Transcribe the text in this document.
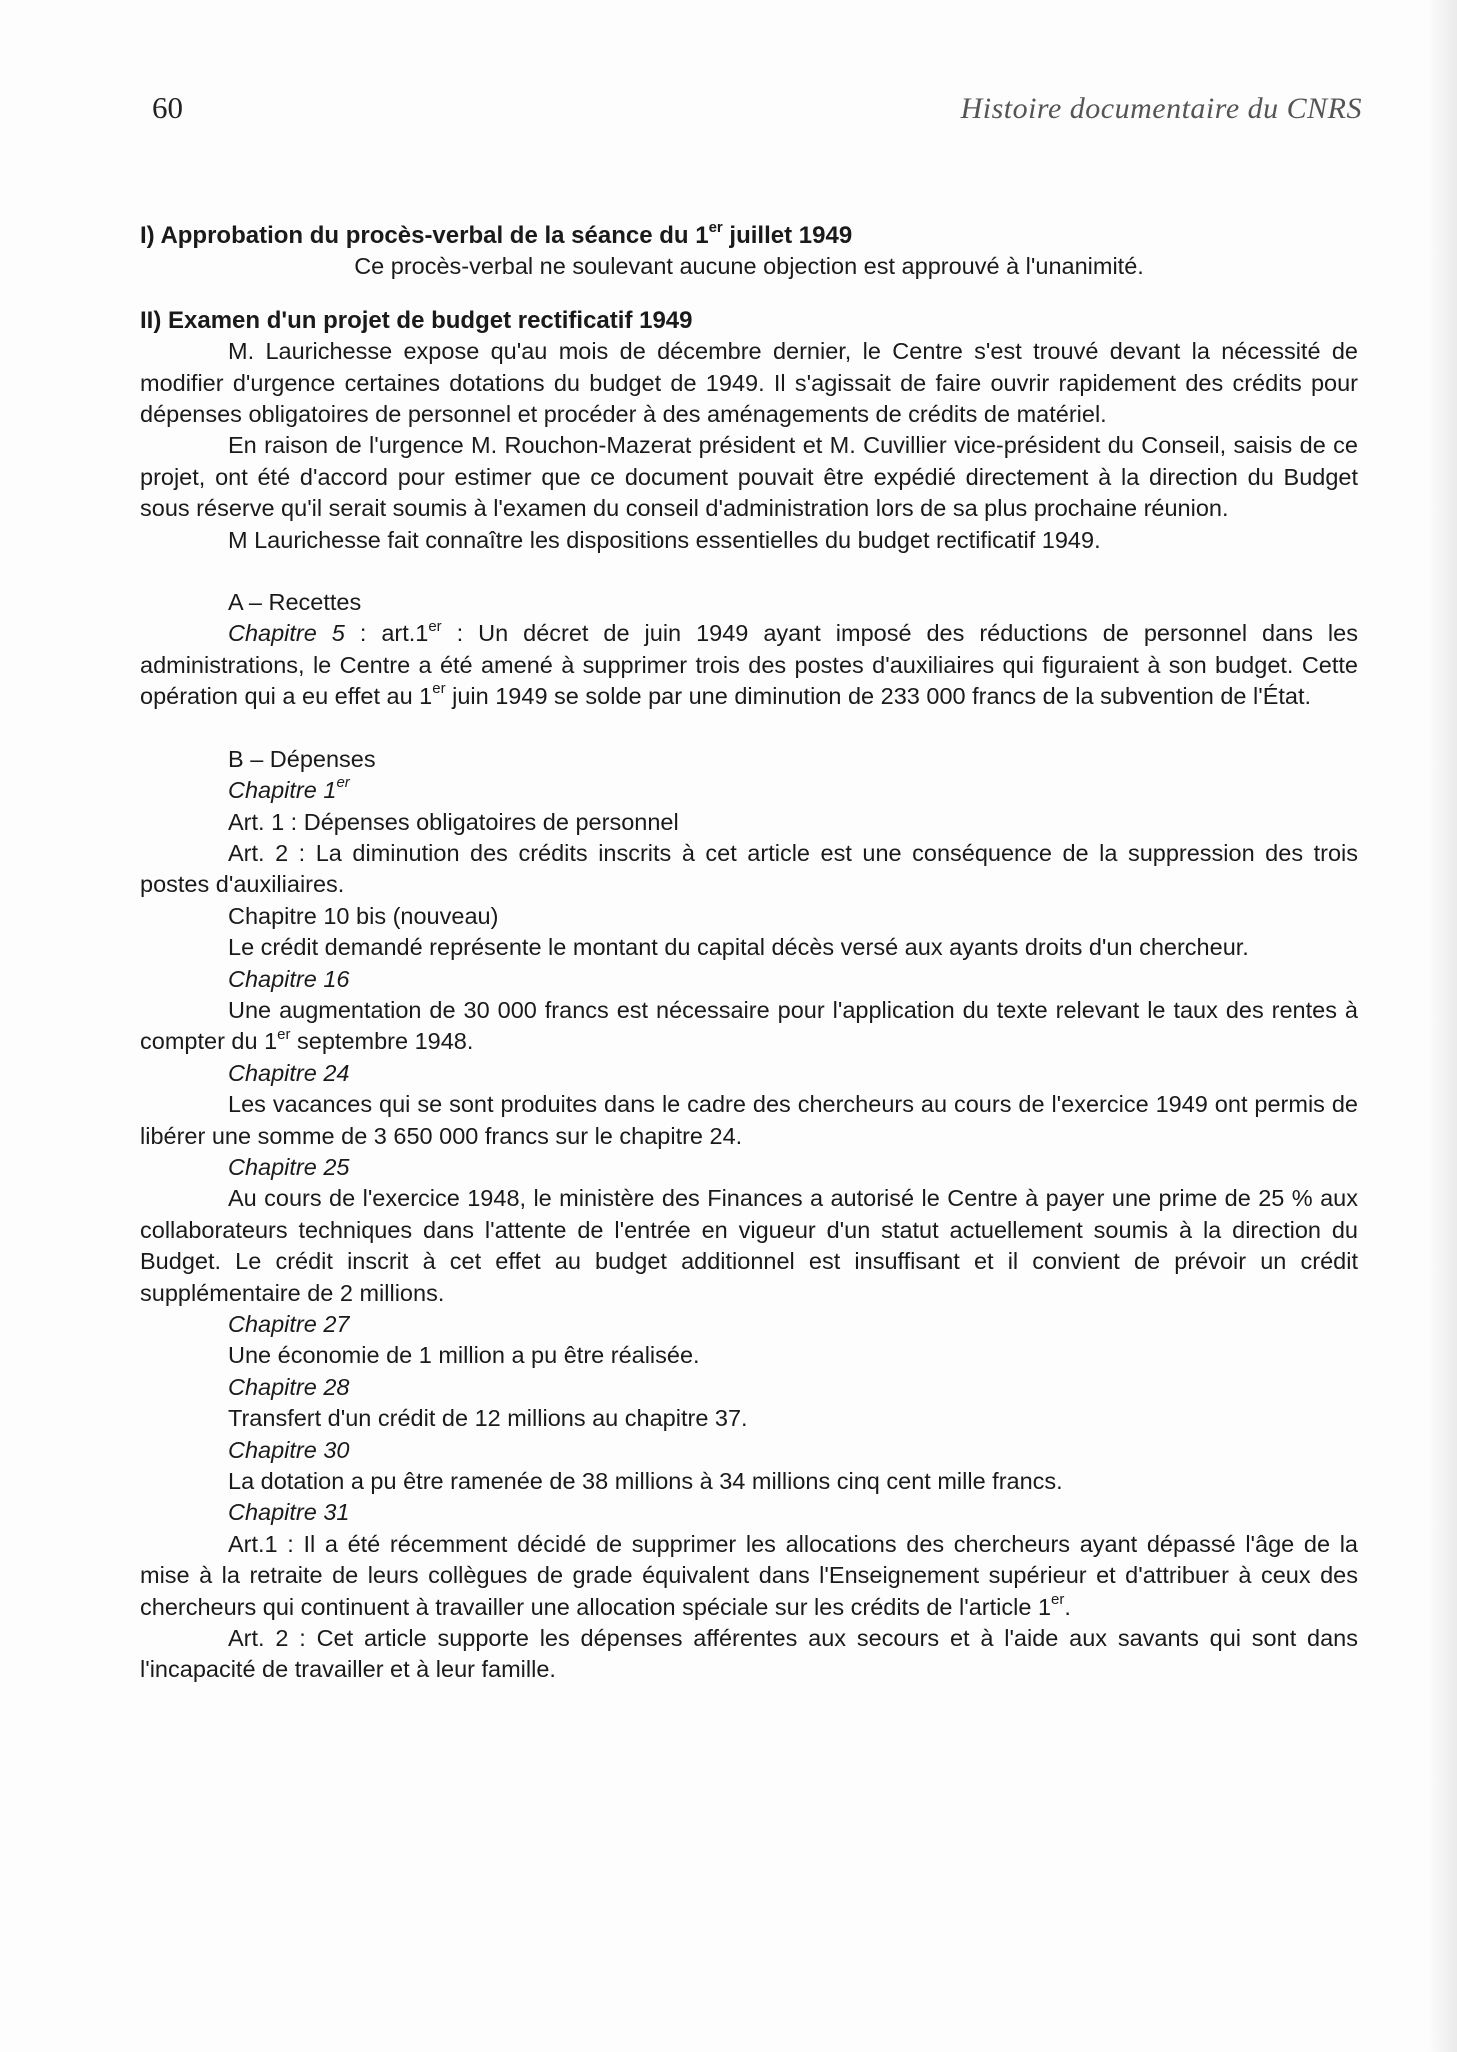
60	Histoire documentaire du CNRS

I) Approbation du procès-verbal de la séance du 1er juillet 1949

Ce procès-verbal ne soulevant aucune objection est approuvé à l'unanimité.

II) Examen d'un projet de budget rectificatif 1949

M. Laurichesse expose qu'au mois de décembre dernier, le Centre s'est trouvé devant la nécessité de modifier d'urgence certaines dotations du budget de 1949. Il s'agissait de faire ouvrir rapidement des crédits pour dépenses obligatoires de personnel et procéder à des aménagements de crédits de matériel.

En raison de l'urgence M. Rouchon-Mazerat président et M. Cuvillier vice-président du Conseil, saisis de ce projet, ont été d'accord pour estimer que ce document pouvait être expédié directement à la direction du Budget sous réserve qu'il serait soumis à l'examen du conseil d'administration lors de sa plus prochaine réunion.

M Laurichesse fait connaître les dispositions essentielles du budget rectificatif 1949.

A – Recettes

Chapitre 5 : art.1er : Un décret de juin 1949 ayant imposé des réductions de personnel dans les administrations, le Centre a été amené à supprimer trois des postes d'auxiliaires qui figuraient à son budget. Cette opération qui a eu effet au 1er juin 1949 se solde par une diminution de 233 000 francs de la subvention de l'État.

B – Dépenses

Chapitre 1er

Art. 1 : Dépenses obligatoires de personnel

Art. 2 : La diminution des crédits inscrits à cet article est une conséquence de la suppression des trois postes d'auxiliaires.

Chapitre 10 bis (nouveau)

Le crédit demandé représente le montant du capital décès versé aux ayants droits d'un chercheur.

Chapitre 16

Une augmentation de 30 000 francs est nécessaire pour l'application du texte relevant le taux des rentes à compter du 1er septembre 1948.

Chapitre 24

Les vacances qui se sont produites dans le cadre des chercheurs au cours de l'exercice 1949 ont permis de libérer une somme de 3 650 000 francs sur le chapitre 24.

Chapitre 25

Au cours de l'exercice 1948, le ministère des Finances a autorisé le Centre à payer une prime de 25 % aux collaborateurs techniques dans l'attente de l'entrée en vigueur d'un statut actuellement soumis à la direction du Budget. Le crédit inscrit à cet effet au budget additionnel est insuffisant et il convient de prévoir un crédit supplémentaire de 2 millions.

Chapitre 27

Une économie de 1 million a pu être réalisée.

Chapitre 28

Transfert d'un crédit de 12 millions au chapitre 37.

Chapitre 30

La dotation a pu être ramenée de 38 millions à 34 millions cinq cent mille francs.

Chapitre 31

Art.1 : Il a été récemment décidé de supprimer les allocations des chercheurs ayant dépassé l'âge de la mise à la retraite de leurs collègues de grade équivalent dans l'Enseignement supérieur et d'attribuer à ceux des chercheurs qui continuent à travailler une allocation spéciale sur les crédits de l'article 1er.

Art. 2 : Cet article supporte les dépenses afférentes aux secours et à l'aide aux savants qui sont dans l'incapacité de travailler et à leur famille.
